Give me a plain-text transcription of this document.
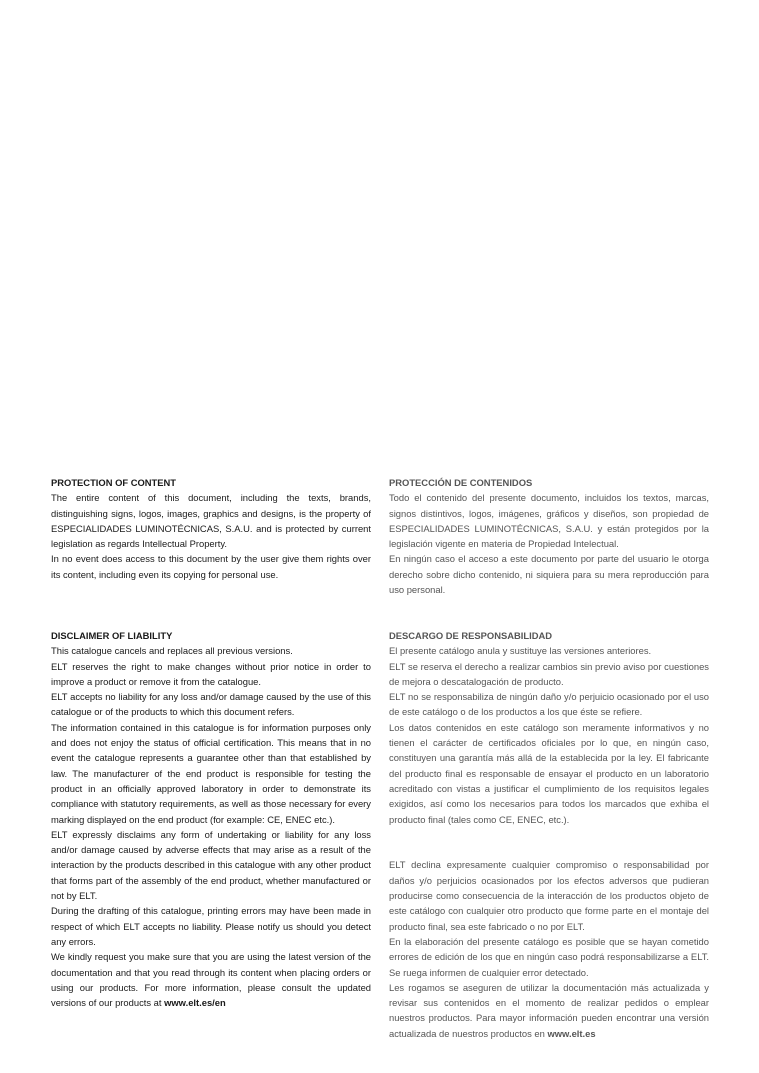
PROTECTION OF CONTENT

The entire content of this document, including the texts, brands, distinguishing signs, logos, images, graphics and designs, is the property of ESPECIALIDADES LUMINOTÉCNICAS, S.A.U. and is protected by current legislation as regards Intellectual Property.

In no event does access to this document by the user give them rights over its content, including even its copying for personal use.

PROTECCIÓN DE CONTENIDOS

Todo el contenido del presente documento, incluidos los textos, marcas, signos distintivos, logos, imágenes, gráficos y diseños, son propiedad de ESPECIALIDADES LUMINOTÉCNICAS, S.A.U. y están protegidos por la legislación vigente en materia de Propiedad Intelectual.

En ningún caso el acceso a este documento por parte del usuario le otorga derecho sobre dicho contenido, ni siquiera para su mera reproducción para uso personal.

DISCLAIMER OF LIABILITY

This catalogue cancels and replaces all previous versions.

ELT reserves the right to make changes without prior notice in order to improve a product or remove it from the catalogue.

ELT accepts no liability for any loss and/or damage caused by the use of this catalogue or of the products to which this document refers.

The information contained in this catalogue is for information purposes only and does not enjoy the status of official certification. This means that in no event the catalogue represents a guarantee other than that established by law. The manufacturer of the end product is responsible for testing the product in an officially approved laboratory in order to demonstrate its compliance with statutory requirements, as well as those necessary for every marking displayed on the end product (for example: CE, ENEC etc.).

ELT expressly disclaims any form of undertaking or liability for any loss and/or damage caused by adverse effects that may arise as a result of the interaction by the products described in this catalogue with any other product that forms part of the assembly of the end product, whether manufactured or not by ELT.

During the drafting of this catalogue, printing errors may have been made in respect of which ELT accepts no liability. Please notify us should you detect any errors.

We kindly request you make sure that you are using the latest version of the documentation and that you read through its content when placing orders or using our products. For more information, please consult the updated versions of our products at www.elt.es/en

DESCARGO DE RESPONSABILIDAD

El presente catálogo anula y sustituye las versiones anteriores.

ELT se reserva el derecho a realizar cambios sin previo aviso por cuestiones de mejora o descatalogación de producto.

ELT no se responsabiliza de ningún daño y/o perjuicio ocasionado por el uso de este catálogo o de los productos a los que éste se refiere.

Los datos contenidos en este catálogo son meramente informativos y no tienen el carácter de certificados oficiales por lo que, en ningún caso, constituyen una garantía más allá de la establecida por la ley. El fabricante del producto final es responsable de ensayar el producto en un laboratorio acreditado con vistas a justificar el cumplimiento de los requisitos legales exigidos, así como los necesarios para todos los marcados que exhiba el producto final (tales como CE, ENEC, etc.).

ELT declina expresamente cualquier compromiso o responsabilidad por daños y/o perjuicios ocasionados por los efectos adversos que pudieran producirse como consecuencia de la interacción de los productos objeto de este catálogo con cualquier otro producto que forme parte en el montaje del producto final, sea este fabricado o no por ELT.

En la elaboración del presente catálogo es posible que se hayan cometido errores de edición de los que en ningún caso podrá responsabilizarse a ELT. Se ruega informen de cualquier error detectado.

Les rogamos se aseguren de utilizar la documentación más actualizada y revisar sus contenidos en el momento de realizar pedidos o emplear nuestros productos. Para mayor información pueden encontrar una versión actualizada de nuestros productos en www.elt.es
